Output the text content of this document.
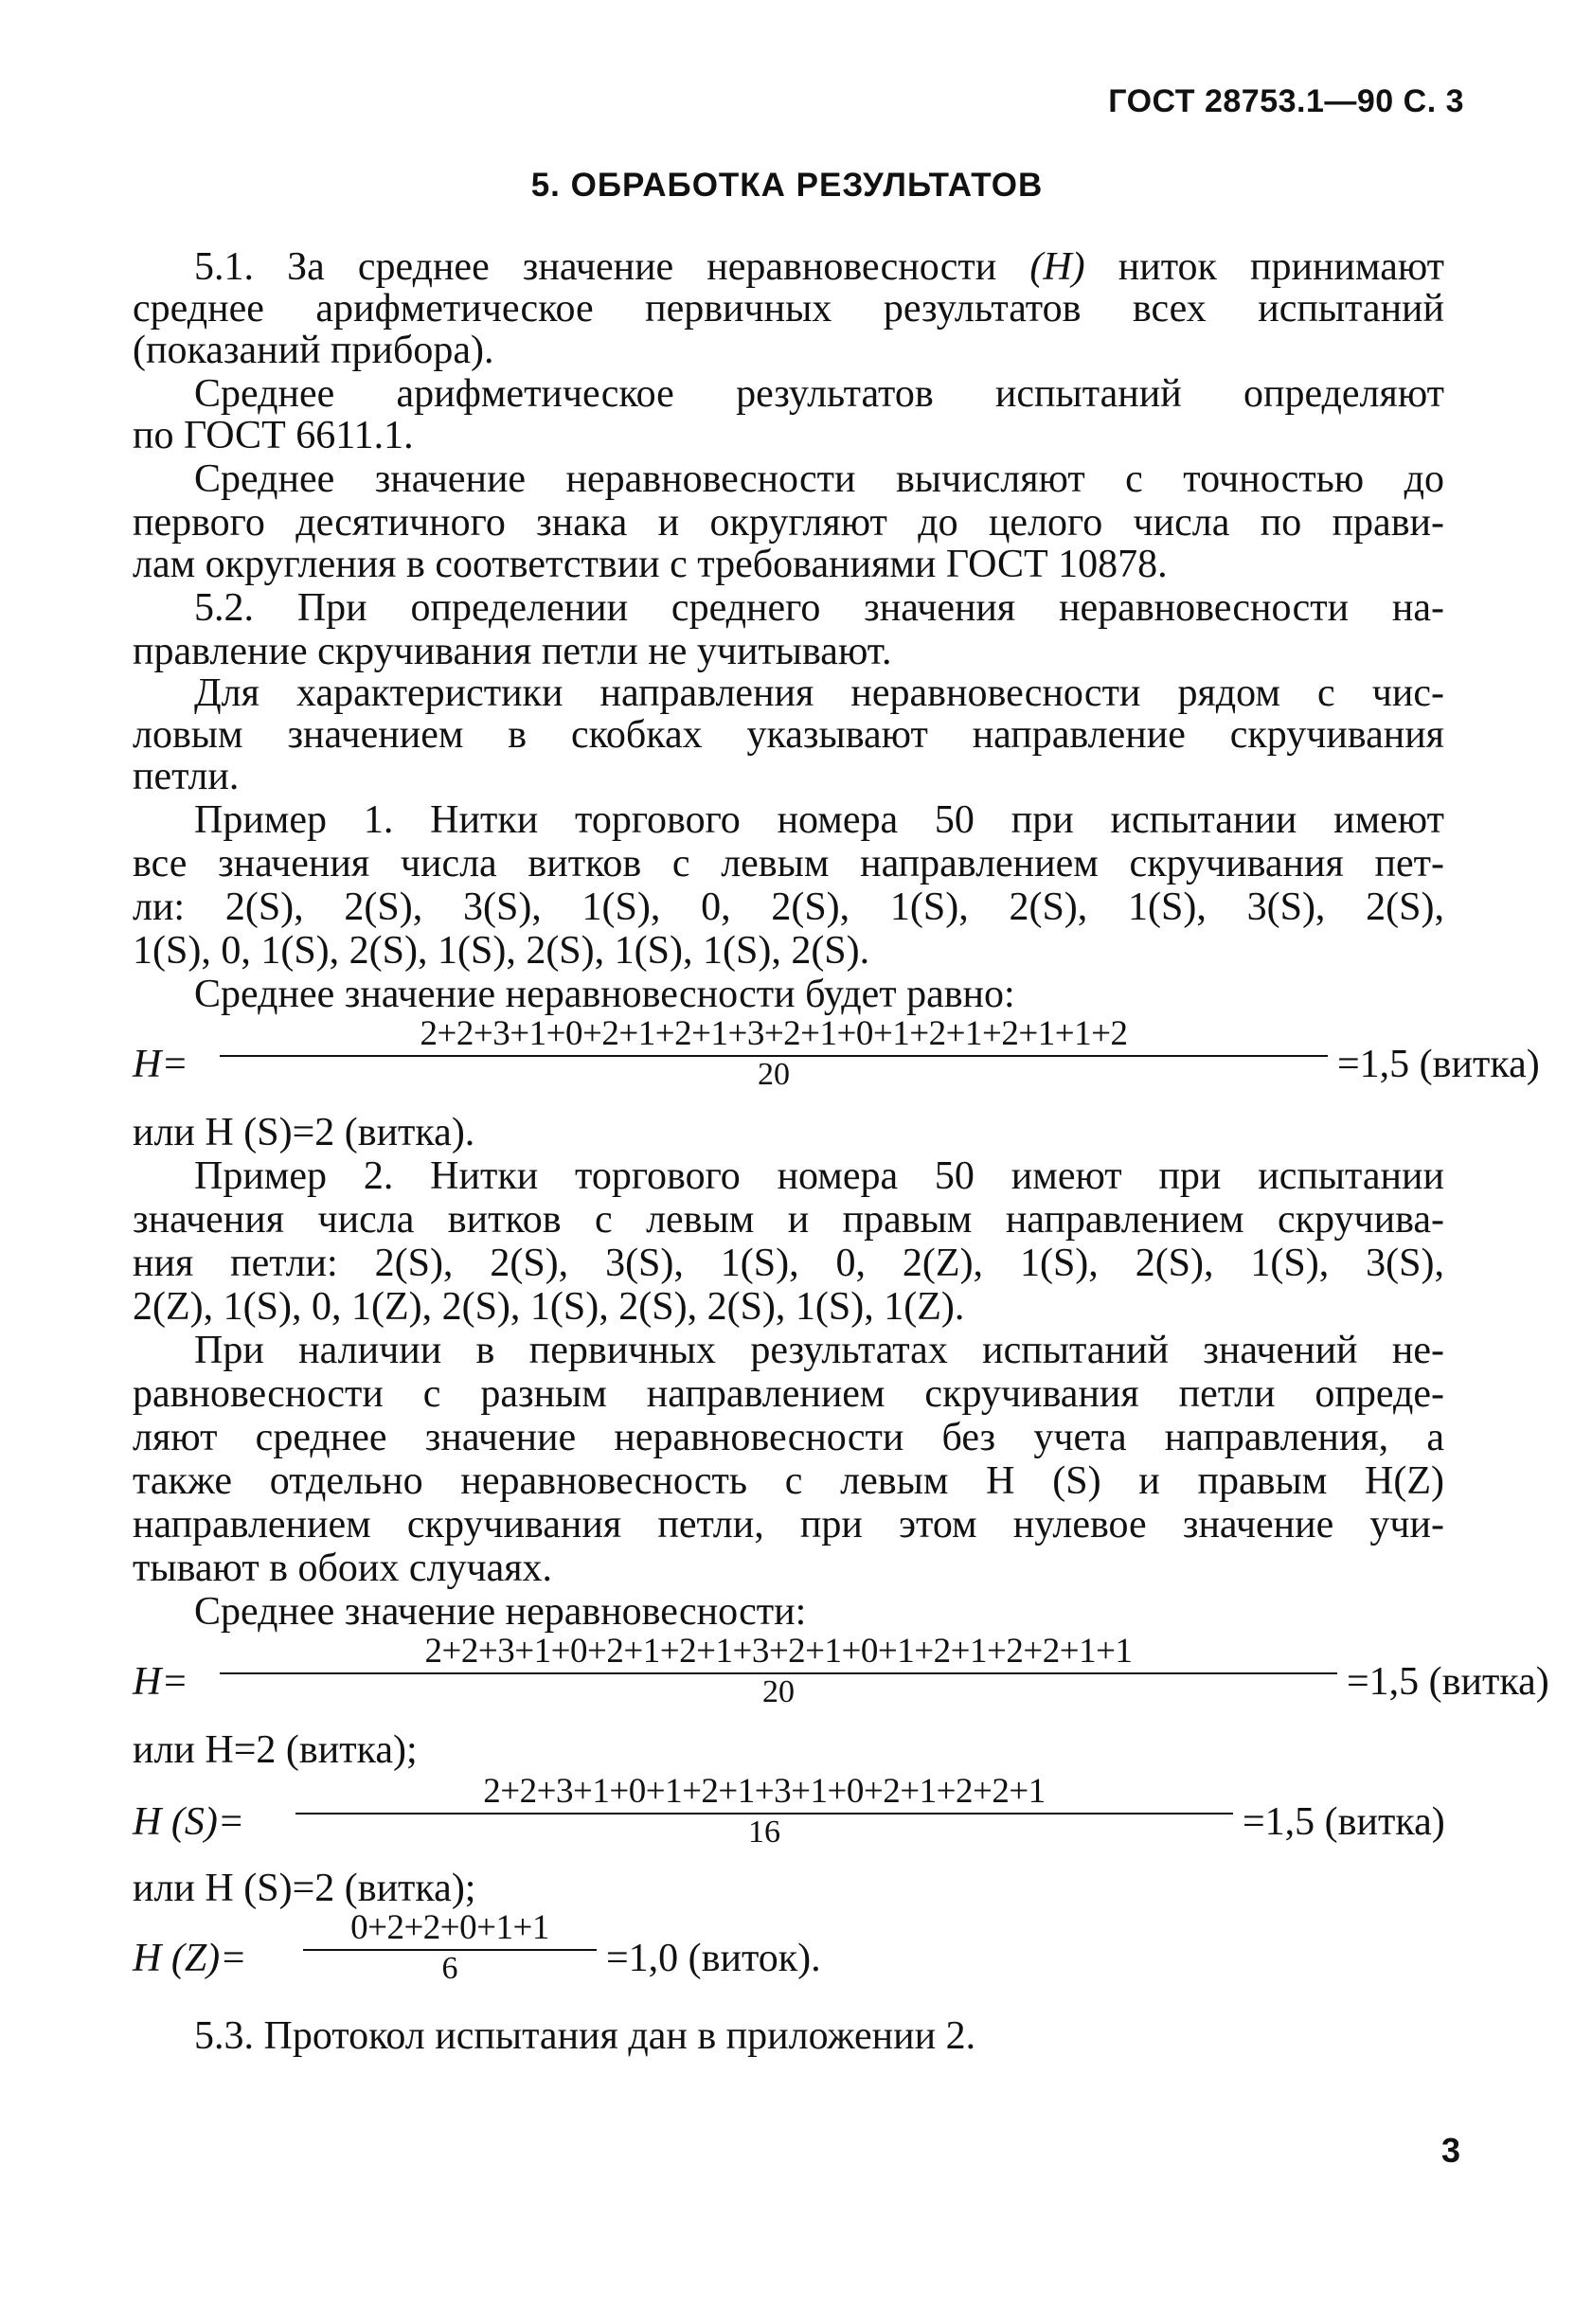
ГОСТ 28753.1—90 С. 3
5. ОБРАБОТКА РЕЗУЛЬТАТОВ
5.1. За среднее значение неравновесности (H) ниток принимают
среднее арифметическое первичных результатов всех испытаний
(показаний прибора).
Среднее арифметическое результатов испытаний определяют
по ГОСТ 6611.1.
Среднее значение неравновесности вычисляют с точностью до
первого десятичного знака и округляют до целого числа по прави-
лам округления в соответствии с требованиями ГОСТ 10878.
5.2. При определении среднего значения неравновесности на-
правление скручивания петли не учитывают.
Для характеристики направления неравновесности рядом с чис-
ловым значением в скобках указывают направление скручивания
петли.
Пример 1. Нитки торгового номера 50 при испытании имеют
все значения числа витков с левым направлением скручивания пет-
ли: 2(S), 2(S), 3(S), 1(S), 0, 2(S), 1(S), 2(S), 1(S), 3(S), 2(S),
1(S), 0, 1(S), 2(S), 1(S), 2(S), 1(S), 1(S), 2(S).
Среднее значение неравновесности будет равно:
H=
2+2+3+1+0+2+1+2+1+3+2+1+0+1+2+1+2+1+1+2
20	=1,5 (витка)
или H (S)=2 (витка).
Пример 2. Нитки торгового номера 50 имеют при испытании
значения числа витков с левым и правым направлением скручива-
ния петли: 2(S), 2(S), 3(S), 1(S), 0, 2(Z), 1(S), 2(S), 1(S), 3(S),
2(Z), 1(S), 0, 1(Z), 2(S), 1(S), 2(S), 2(S), 1(S), 1(Z).
При наличии в первичных результатах испытаний значений не-
равновесности с разным направлением скручивания петли опреде-
ляют среднее значение неравновесности без учета направления, а
также отдельно неравновесность с левым H (S) и правым H(Z)
направлением скручивания петли, при этом нулевое значение учи-
тывают в обоих случаях.
Среднее значение неравновесности:
H=
2+2+3+1+0+2+1+2+1+3+2+1+0+1+2+1+2+2+1+1
20	=1,5 (витка)
или H=2 (витка);
H (S)=
2+2+3+1+0+1+2+1+3+1+0+2+1+2+2+1
16	=1,5 (витка)
или H (S)=2 (витка);
H (Z)=
0+2+2+0+1+1
6	=1,0 (виток).
5.3. Протокол испытания дан в приложении 2.
3
